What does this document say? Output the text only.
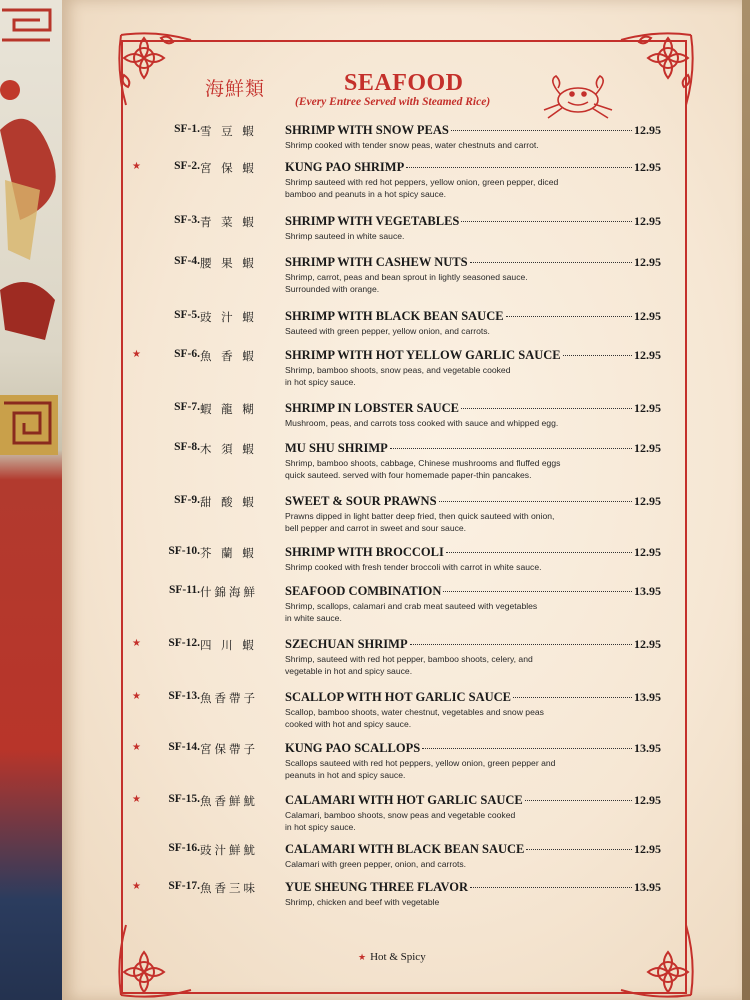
海鮮類	SEAFOOD
(Every Entree Served with Steamed Rice)
SF-1. 雪 豆 蝦	SHRIMP WITH SNOW PEAS	12.95
Shrimp cooked with tender snow peas, water chestnuts and carrot.
★	SF-2. 宮 保 蝦	KUNG PAO SHRIMP	12.95
Shrimp sauteed with red hot peppers, yellow onion, green pepper, diced
bamboo and peanuts in a hot spicy sauce.
SF-3. 青 菜 蝦	SHRIMP WITH VEGETABLES	12.95
Shrimp sauteed in white sauce.
SF-4. 腰 果 蝦	SHRIMP WITH CASHEW NUTS	12.95
Shrimp, carrot, peas and bean sprout in lightly seasoned sauce.
Surrounded with orange.
SF-5. 豉 汁 蝦	SHRIMP WITH BLACK BEAN SAUCE	12.95
Sauteed with green pepper, yellow onion, and carrots.
★	SF-6. 魚 香 蝦	SHRIMP WITH HOT YELLOW GARLIC SAUCE	12.95
Shrimp, bamboo shoots, snow peas, and vegetable cooked
in hot spicy sauce.
SF-7. 蝦 龍 糊	SHRIMP IN LOBSTER SAUCE	12.95
Mushroom, peas, and carrots toss cooked with sauce and whipped egg.
SF-8. 木 須 蝦	MU SHU SHRIMP	12.95
Shrimp, bamboo shoots, cabbage, Chinese mushrooms and fluffed eggs
quick sauteed. served with four homemade paper-thin pancakes.
SF-9. 甜 酸 蝦	SWEET & SOUR PRAWNS	12.95
Prawns dipped in light batter deep fried, then quick sauteed with onion,
bell pepper and carrot in sweet and sour sauce.
SF-10. 芥 蘭 蝦	SHRIMP WITH BROCCOLI	12.95
Shrimp cooked with fresh tender broccoli with carrot in white sauce.
SF-11. 什錦海鮮	SEAFOOD COMBINATION	13.95
Shrimp, scallops, calamari and crab meat sauteed with vegetables
in white sauce.
★	SF-12. 四 川 蝦	SZECHUAN SHRIMP	12.95
Shrimp, sauteed with red hot pepper, bamboo shoots, celery, and
vegetable in hot and spicy sauce.
★	SF-13. 魚香帶子	SCALLOP WITH HOT GARLIC SAUCE	13.95
Scallop, bamboo shoots, water chestnut, vegetables and snow peas
cooked with hot and spicy sauce.
★	SF-14. 宮保帶子	KUNG PAO SCALLOPS	13.95
Scallops sauteed with red hot peppers, yellow onion, green pepper and
peanuts in hot and spicy sauce.
★	SF-15. 魚香鮮魷	CALAMARI WITH HOT GARLIC SAUCE	12.95
Calamari, bamboo shoots, snow peas and vegetable cooked
in hot spicy sauce.
SF-16. 豉汁鮮魷	CALAMARI WITH BLACK BEAN SAUCE	12.95
Calamari with green pepper, onion, and carrots.
★	SF-17. 魚香三味	YUE SHEUNG THREE FLAVOR	13.95
Shrimp, chicken and beef with vegetable
★ Hot & Spicy
